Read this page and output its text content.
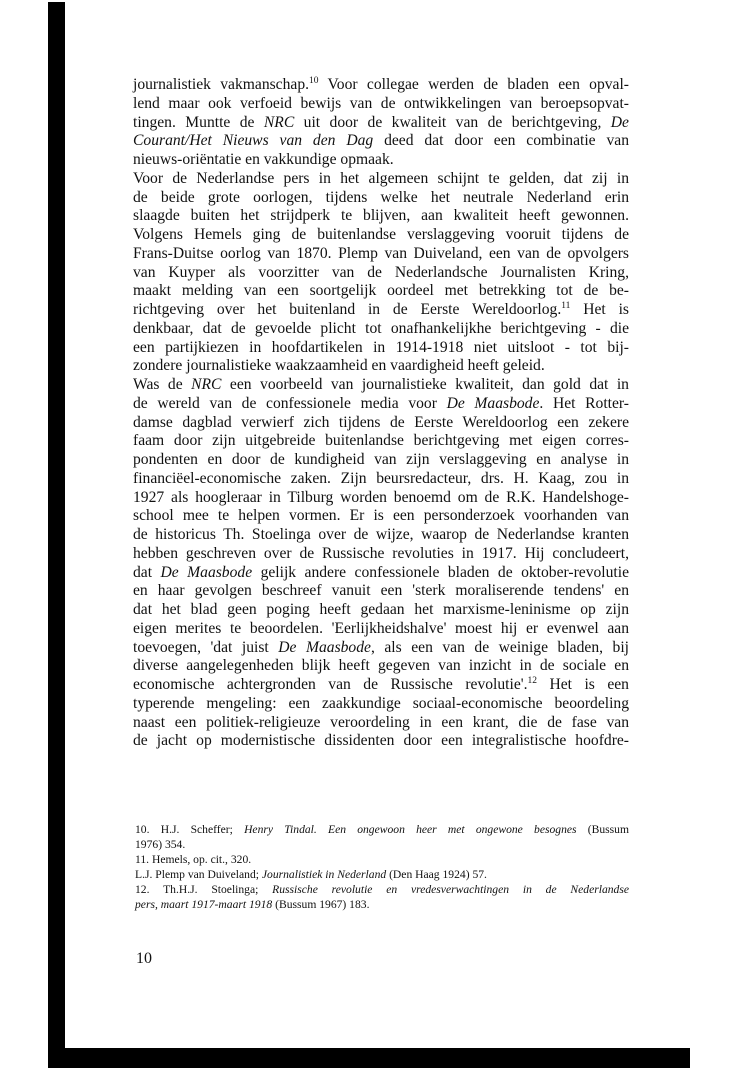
journalistiek vakmanschap.$^{10}$ Voor collegae werden de bladen een opval-
lend maar ook verfoeid bewijs van de ontwikkelingen van beroepsopvat-
tingen. Muntte de NRC uit door de kwaliteit van de berichtgeving, De
Courant/Het Nieuws van den Dag deed dat door een combinatie van
nieuws-oriëntatie en vakkundige opmaak.
Voor de Nederlandse pers in het algemeen schijnt te gelden, dat zij in
de beide grote oorlogen, tijdens welke het neutrale Nederland erin
slaagde buiten het strijdperk te blijven, aan kwaliteit heeft gewonnen.
Volgens Hemels ging de buitenlandse verslaggeving vooruit tijdens de
Frans-Duitse oorlog van 1870. Plemp van Duiveland, een van de opvolgers
van Kuyper als voorzitter van de Nederlandsche Journalisten Kring,
maakt melding van een soortgelijk oordeel met betrekking tot de be-
richtgeving over het buitenland in de Eerste Wereldoorlog.$^{11}$ Het is
denkbaar, dat de gevoelde plicht tot onafhankelijkhe berichtgeving - die
een partijkiezen in hoofdartikelen in 1914-1918 niet uitsloot - tot bij-
zondere journalistieke waakzaamheid en vaardigheid heeft geleid.
Was de NRC een voorbeeld van journalistieke kwaliteit, dan gold dat in
de wereld van de confessionele media voor De Maasbode. Het Rotter-
damse dagblad verwierf zich tijdens de Eerste Wereldoorlog een zekere
faam door zijn uitgebreide buitenlandse berichtgeving met eigen corres-
pondenten en door de kundigheid van zijn verslaggeving en analyse in
financiëel-economische zaken. Zijn beursredacteur, drs. H. Kaag, zou in
1927 als hoogleraar in Tilburg worden benoemd om de R.K. Handelshoge-
school mee te helpen vormen. Er is een personderzoek voorhanden van
de historicus Th. Stoelinga over de wijze, waarop de Nederlandse kranten
hebben geschreven over de Russische revoluties in 1917. Hij concludeert,
dat De Maasbode gelijk andere confessionele bladen de oktober-revolutie
en haar gevolgen beschreef vanuit een 'sterk moraliserende tendens' en
dat het blad geen poging heeft gedaan het marxisme-leninisme op zijn
eigen merites te beoordelen. 'Eerlijkheidshalve' moest hij er evenwel aan
toevoegen, 'dat juist De Maasbode, als een van de weinige bladen, bij
diverse aangelegenheden blijk heeft gegeven van inzicht in de sociale en
economische achtergronden van de Russische revolutie'.$^{12}$ Het is een
typerende mengeling: een zaakkundige sociaal-economische beoordeling
naast een politiek-religieuze veroordeling in een krant, die de fase van
de jacht op modernistische dissidenten door een integralistische hoofdre-
10. H.J. Scheffer; Henry Tindal. Een ongewoon heer met ongewone besognes (Bussum
1976) 354.
11. Hemels, op. cit., 320.
L.J. Plemp van Duiveland; Journalistiek in Nederland (Den Haag 1924) 57.
12. Th.H.J. Stoelinga; Russische revolutie en vredesverwachtingen in de Nederlandse
pers, maart 1917-maart 1918 (Bussum 1967) 183.
10
